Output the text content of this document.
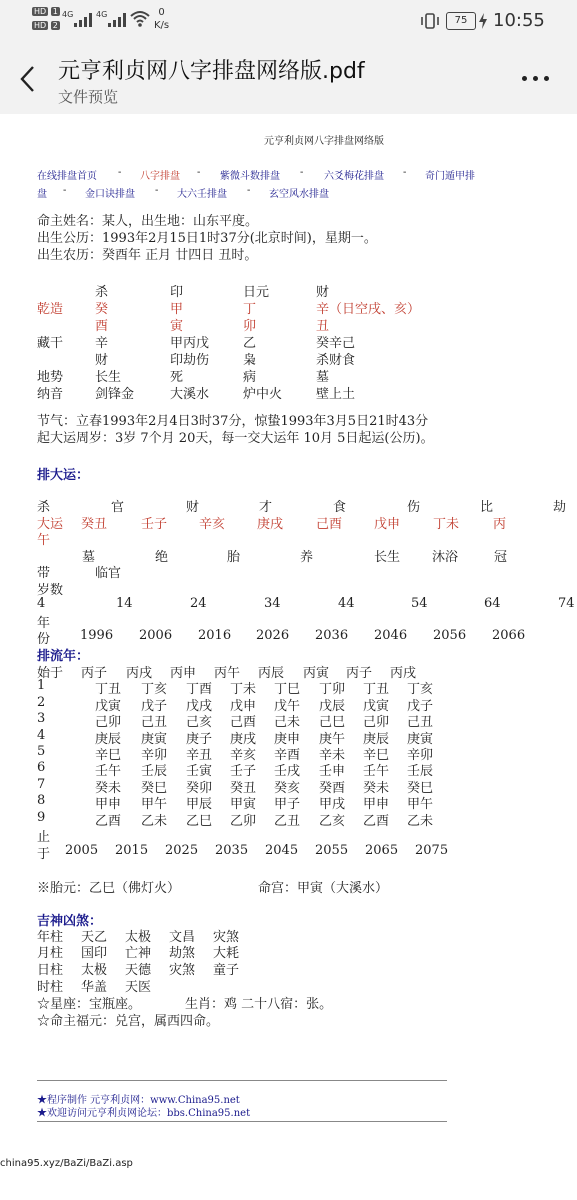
HD 1
HD 2
4G	4G	0
K/s	75	10:55
元亨利贞网八字排盘网络版.pdf
文件预览
元亨利贞网八字排盘网络版
在线排盘首页 - 八字排盘 - 紫微斗数排盘 - 六爻梅花排盘 - 奇门遁甲排
盘 - 金口诀排盘 - 大六壬排盘 - 玄空风水排盘
命主姓名：某人，出生地：山东平度。
出生公历：1993年2月15日1时37分(北京时间)，星期一。
出生农历：癸酉年 正月 廿四日 丑时。
杀	印	日元	财
乾造 癸	甲	丁	辛（日空戌、亥）
酉	寅	卯	丑
藏干 辛	甲丙戊	乙	癸辛己
财	印劫伤	枭	杀财食
地势 长生	死	病	墓
纳音 剑锋金	大溪水	炉中火	壁上土
节气：立春1993年2月4日3时37分，惊蛰1993年3月5日21时43分
起大运周岁：3岁 7个月 20天，每一交大运年 10月 5日起运(公历)。
排大运：
杀	官	财	才	食	伤	比	劫
大运 癸丑	壬子 辛亥 庚戌	己酉 戊申	丁未	丙
午
墓	绝	胎	养	长生 沐浴	冠
带	临官
岁数
4	14	24	34	44	54	64	74
年
份 1996 2006 2016 2026 2036 2046 2056 2066
排流年：
始于 丙子 丙戌 丙申 丙午 丙辰 丙寅 丙子 丙戌
1	丁丑 丁亥 丁酉 丁未 丁巳 丁卯 丁丑 丁亥
2	戊寅 戊子 戊戌 戊申 戊午 戊辰 戊寅 戊子
3	己卯 己丑 己亥 己酉 己未 己巳 己卯 己丑
4	庚辰 庚寅 庚子 庚戌 庚申 庚午 庚辰 庚寅
5	辛巳 辛卯 辛丑 辛亥 辛酉 辛未 辛巳 辛卯
6	壬午 壬辰 壬寅 壬子 壬戌 壬申 壬午 壬辰
7	癸未 癸巳 癸卯 癸丑 癸亥 癸酉 癸未 癸巳
8	甲申 甲午 甲辰 甲寅 甲子 甲戌 甲申 甲午
9	乙酉 乙未 乙巳 乙卯 乙丑 乙亥 乙酉 乙未
止
于 2005 2015 2025 2035 2045 2055 2065 2075
※胎元：乙巳（佛灯火）	命宫：甲寅（大溪水）
吉神凶煞：
年柱 天乙 太极 文昌 灾煞
月柱 国印 亡神 劫煞 大耗
日柱 太极 天德 灾煞 童子
时柱 华盖 天医
☆星座：宝瓶座。	生肖：鸡 二十八宿：张。
☆命主福元：兑宫，属西四命。
★程序制作 元亨利贞网：www.China95.net
★欢迎访问元亨利贞网论坛：bbs.China95.net
china95.xyz/BaZi/BaZi.asp
